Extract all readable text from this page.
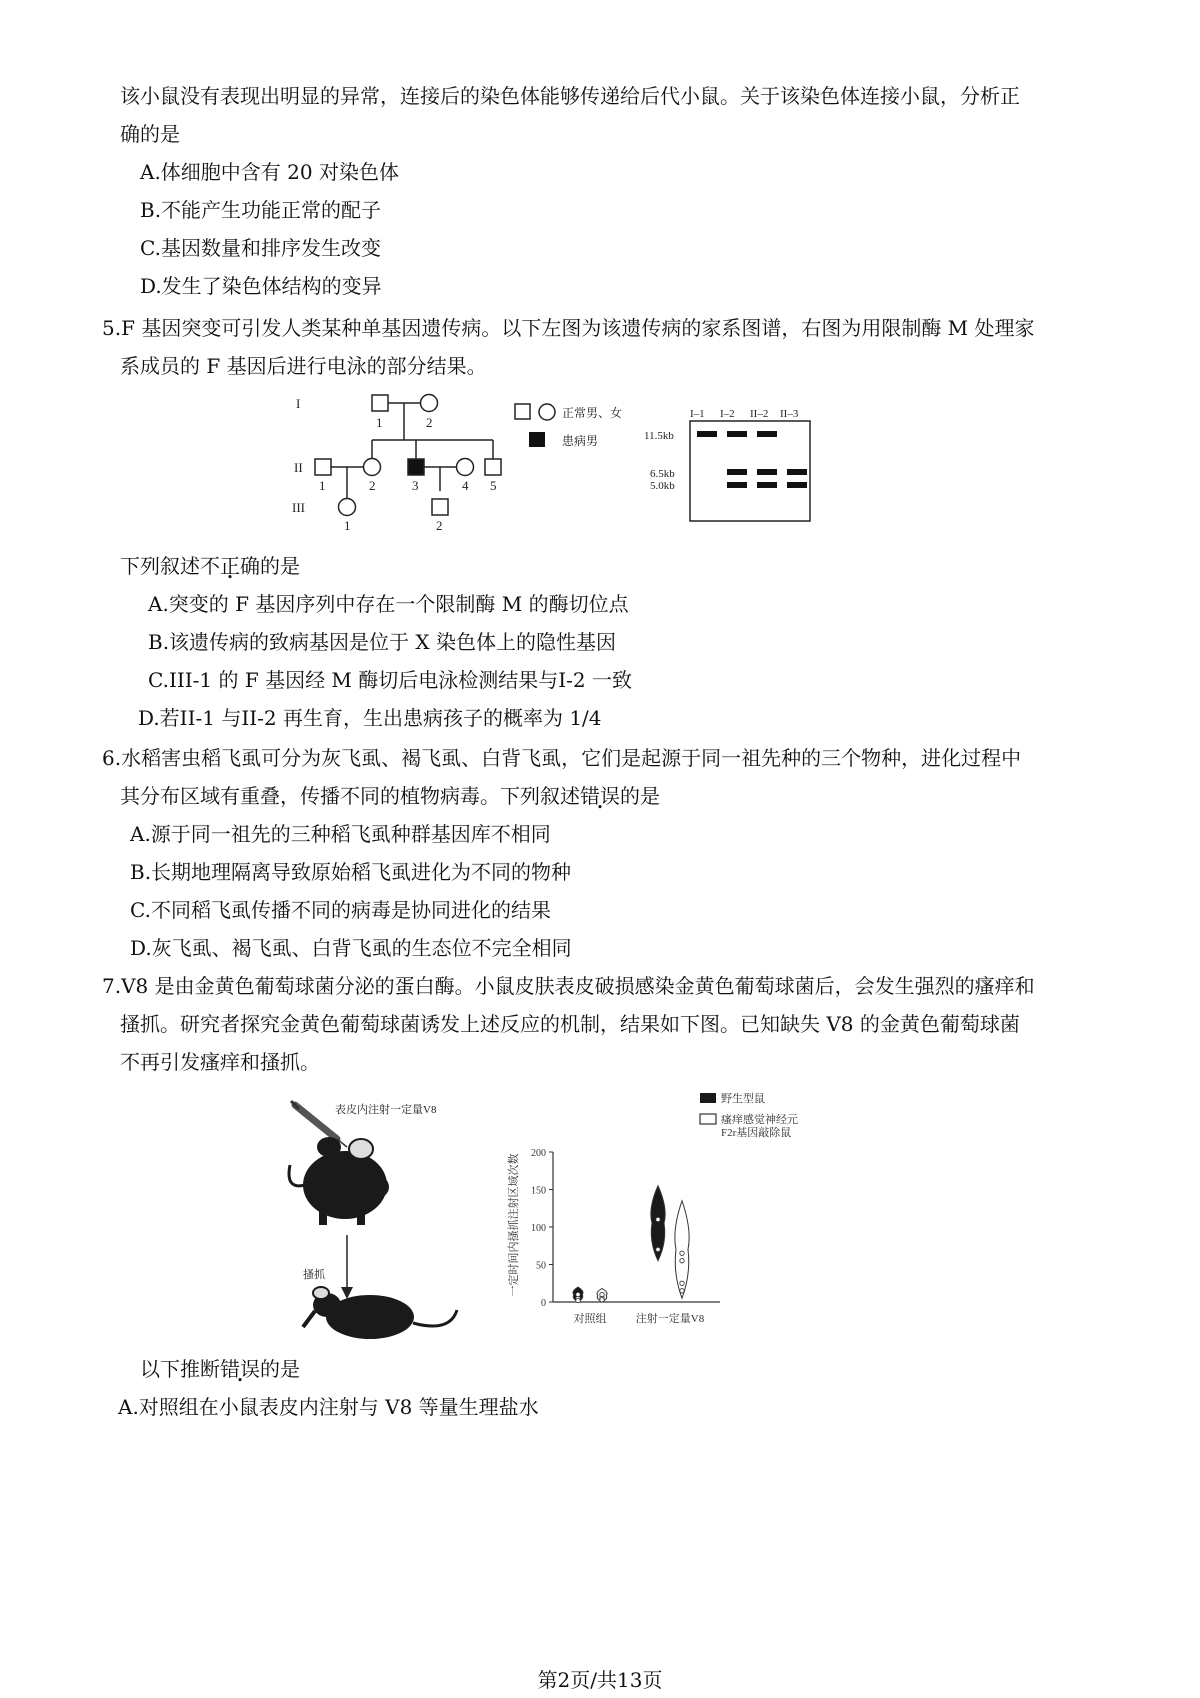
该小鼠没有表现出明显的异常，连接后的染色体能够传递给后代小鼠。关于该染色体连接小鼠，分析正
确的是
A.体细胞中含有 20 对染色体
B.不能产生功能正常的配子
C.基因数量和排序发生改变
D.发生了染色体结构的变异
5.F 基因突变可引发人类某种单基因遗传病。以下左图为该遗传病的家系图谱，右图为用限制酶 M 处理家
系成员的 F 基因后进行电泳的部分结果。
I
II
III
1	2
1	2	3	4 5
1	2
正常男、女
患病男
I–1 I–2 II–2 II–3
11.5kb
6.5kb
5.0kb
下列叙述不正确的是
A.突变的 F 基因序列中存在一个限制酶 M 的酶切位点
B.该遗传病的致病基因是位于 X 染色体上的隐性基因
C.III-1 的 F 基因经 M 酶切后电泳检测结果与I-2 一致
D.若II-1 与II-2 再生育，生出患病孩子的概率为 1/4
6.水稻害虫稻飞虱可分为灰飞虱、褐飞虱、白背飞虱，它们是起源于同一祖先种的三个物种，进化过程中
其分布区域有重叠，传播不同的植物病毒。下列叙述错误的是
A.源于同一祖先的三种稻飞虱种群基因库不相同
B.长期地理隔离导致原始稻飞虱进化为不同的物种
C.不同稻飞虱传播不同的病毒是协同进化的结果
D.灰飞虱、褐飞虱、白背飞虱的生态位不完全相同
7.V8 是由金黄色葡萄球菌分泌的蛋白酶。小鼠皮肤表皮破损感染金黄色葡萄球菌后，会发生强烈的瘙痒和
搔抓。研究者探究金黄色葡萄球菌诱发上述反应的机制，结果如下图。已知缺失 V8 的金黄色葡萄球菌
不再引发瘙痒和搔抓。
表皮内注射一定量V8
搔抓
野生型鼠
瘙痒感觉神经元
F2r基因敲除鼠
一定时间内搔抓注射区域次数
0
50
100
150
200
对照组	注射一定量V8
以下推断错误的是
A.对照组在小鼠表皮内注射与 V8 等量生理盐水
第2页/共13页
